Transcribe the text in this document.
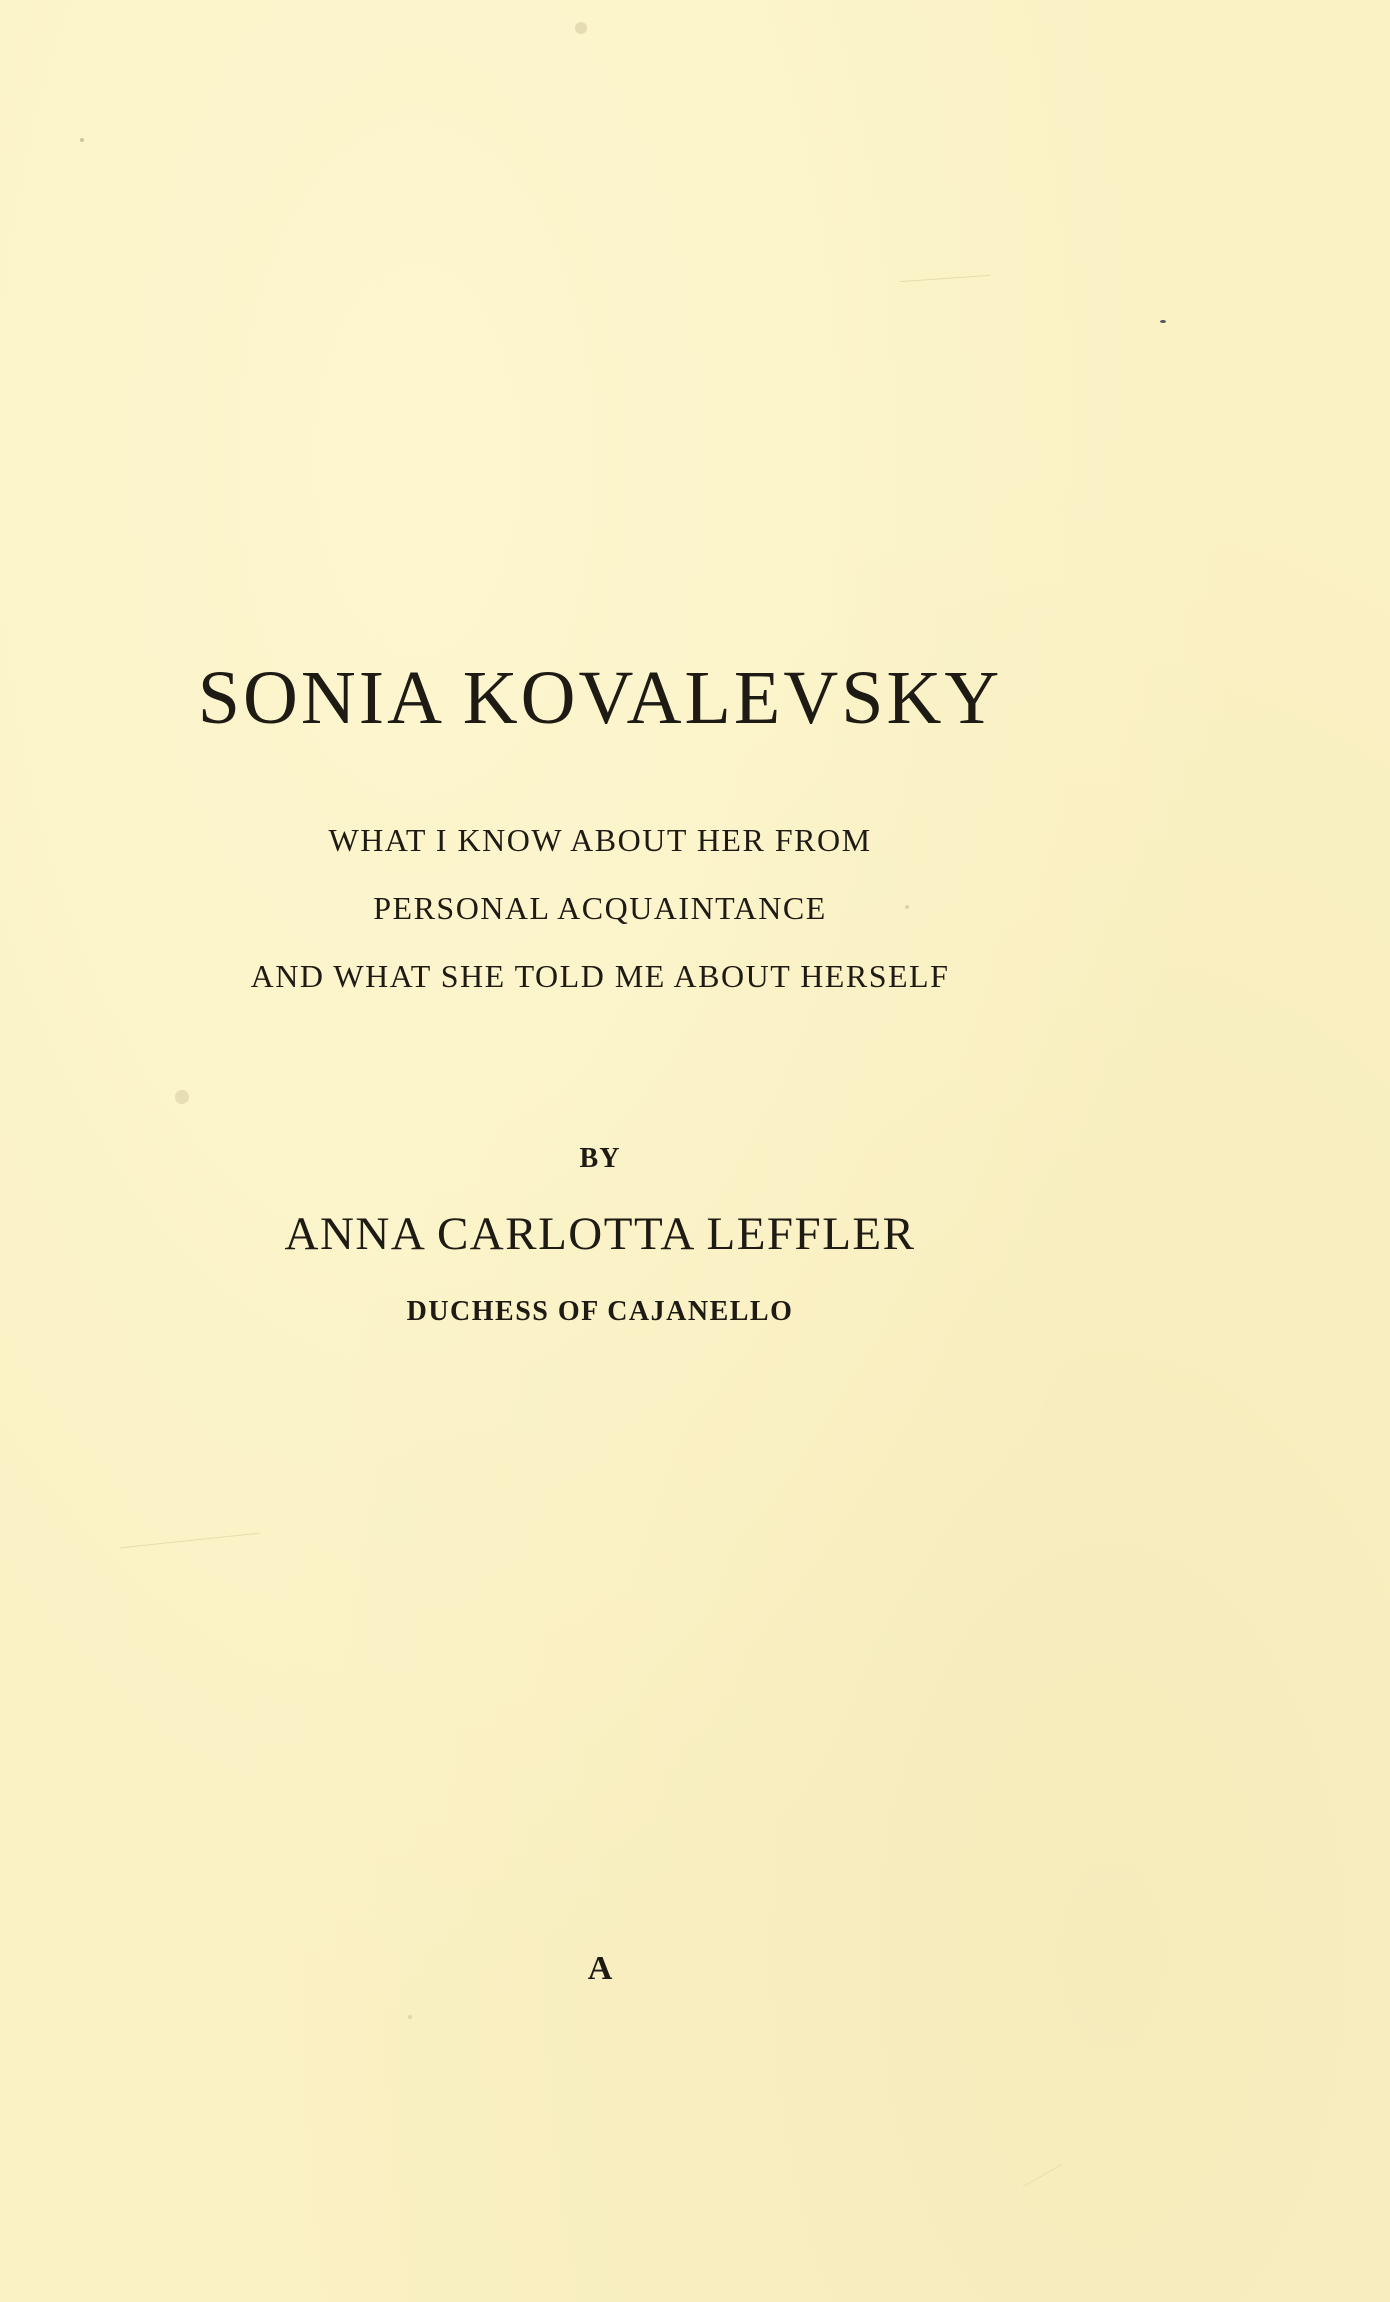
SONIA KOVALEVSKY

WHAT I KNOW ABOUT HER FROM

PERSONAL ACQUAINTANCE

AND WHAT SHE TOLD ME ABOUT HERSELF

BY

ANNA CARLOTTA LEFFLER

DUCHESS OF CAJANELLO

A
